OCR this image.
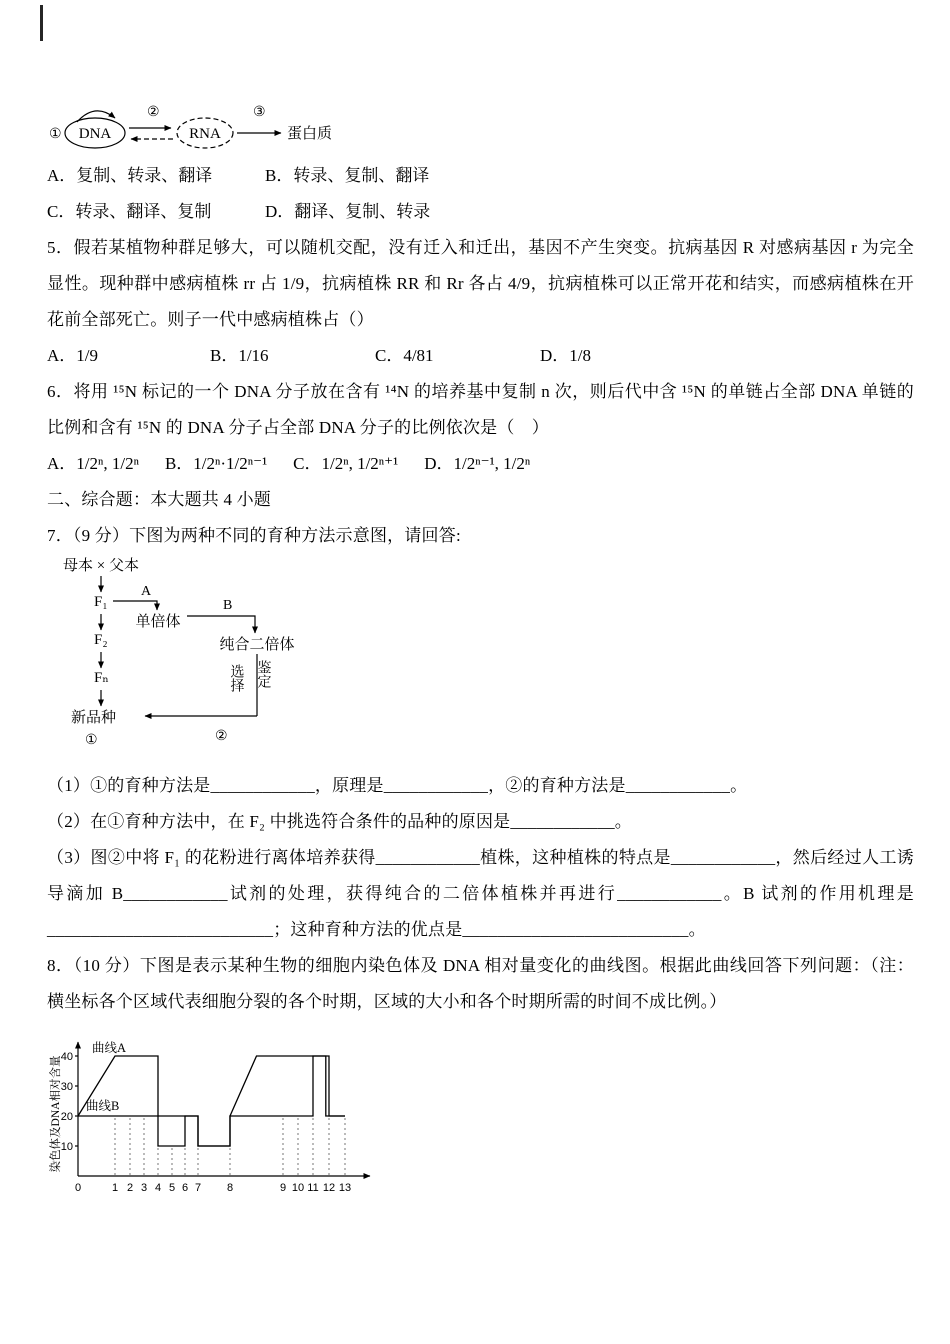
① DNA
②
RNA
③
蛋白质
A．复制、转录、翻译	B．转录、复制、翻译
C．转录、翻译、复制	D．翻译、复制、转录
5．假若某植物种群足够大，可以随机交配，没有迁入和迁出，基因不产生突变。抗病基因 R 对感病基因 r 为完全显性。现种群中感病植株 rr 占 1/9，抗病植株 RR 和 Rr 各占 4/9，抗病植株可以正常开花和结实，而感病植株在开花前全部死亡。则子一代中感病植株占（）
A．1/9	B．1/16	C．4/81	D．1/8
6．将用 ¹⁵N 标记的一个 DNA 分子放在含有 ¹⁴N 的培养基中复制 n 次，则后代中含 ¹⁵N 的单链占全部 DNA 单链的比例和含有 ¹⁵N 的 DNA 分子占全部 DNA 分子的比例依次是（　）
A．1/2ⁿ, 1/2ⁿ B．1/2ⁿ·1/2ⁿ⁻¹ C．1/2ⁿ, 1/2ⁿ⁺¹ D．1/2ⁿ⁻¹, 1/2ⁿ
二、综合题：本大题共 4 小题
7．（9 分）下图为两种不同的育种方法示意图，请回答:
母本 × 父本
F₁
A
单倍体
B
纯合二倍体
F₂
Fₙ
新品种
①
选择 鉴定
②
（1）①的育种方法是____________，原理是____________，②的育种方法是____________。
（2）在①育种方法中，在 F₂ 中挑选符合条件的品种的原因是____________。
（3）图②中将 F₁ 的花粉进行离体培养获得____________植株，这种植株的特点是____________，然后经过人工诱导滴加 B____________试剂的处理，获得纯合的二倍体植株并再进行____________。B 试剂的作用机理是__________________________；这种育种方法的优点是__________________________。
8．（10 分）下图是表示某种生物的细胞内染色体及 DNA 相对量变化的曲线图。根据此曲线回答下列问题：（注：横坐标各个区域代表细胞分裂的各个时期，区域的大小和各个时期所需的时间不成比例。）
10
20
30
40
0	1 2 3 4 5 6 7 8	9 10 11 12 13
曲线A
曲线B
染色体及DNA相对含量
